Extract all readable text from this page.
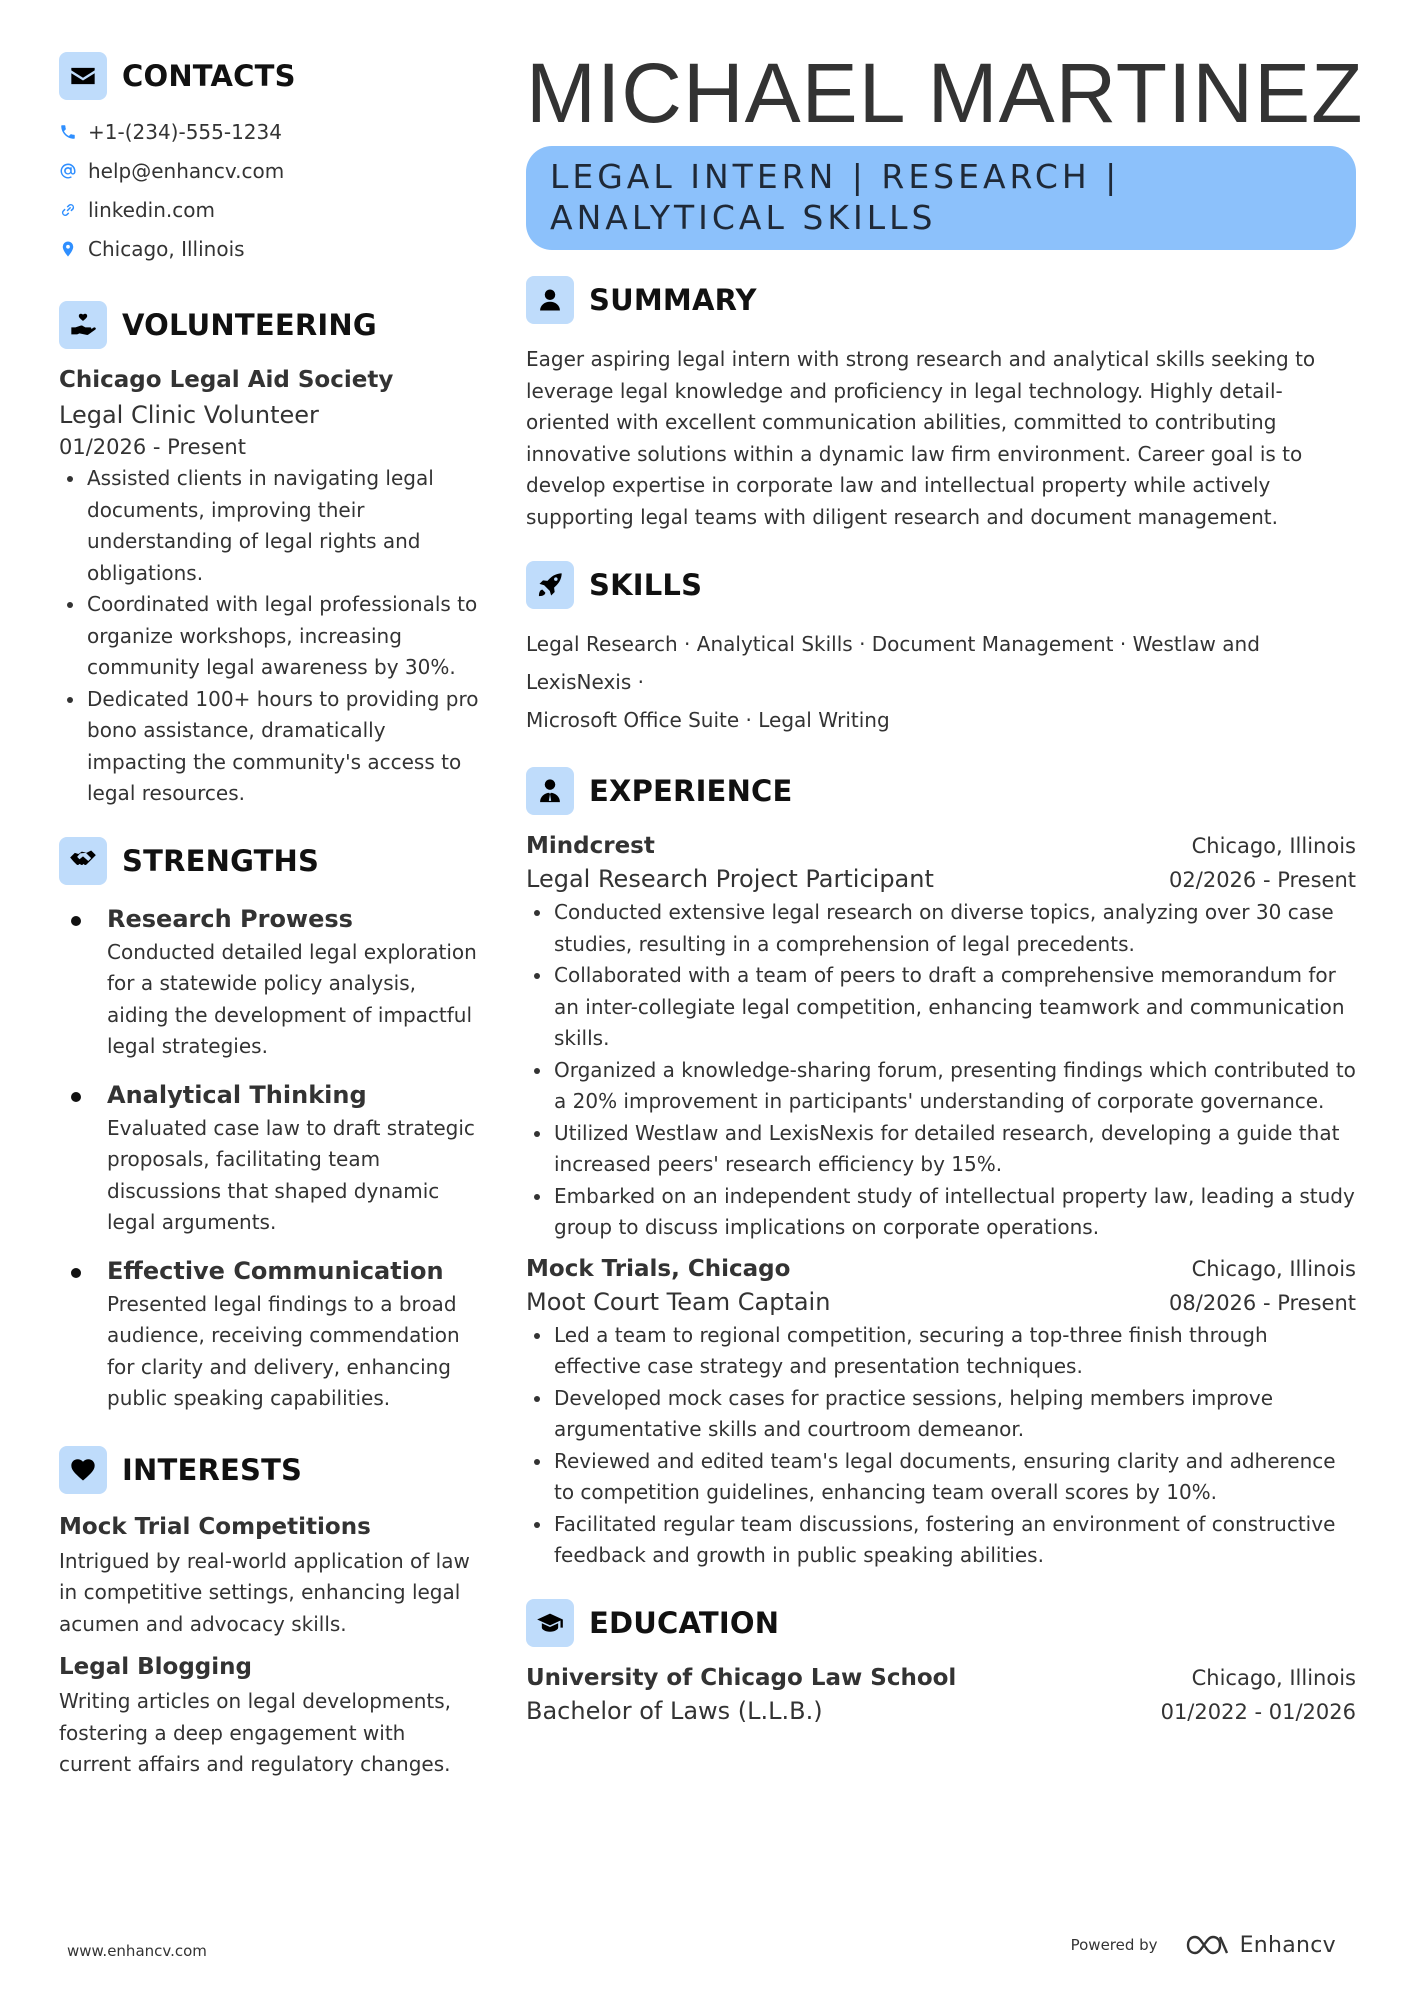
CONTACTS
+1-(234)-555-1234
help@enhancv.com
linkedin.com
Chicago, Illinois
VOLUNTEERING
Chicago Legal Aid Society
Legal Clinic Volunteer
01/2026 - Present
Assisted clients in navigating legal documents, improving their understanding of legal rights and obligations.
Coordinated with legal professionals to organize workshops, increasing community legal awareness by 30%.
Dedicated 100+ hours to providing pro bono assistance, dramatically impacting the community's access to legal resources.
STRENGTHS
Research Prowess
Conducted detailed legal exploration for a statewide policy analysis, aiding the development of impactful legal strategies.
Analytical Thinking
Evaluated case law to draft strategic proposals, facilitating team discussions that shaped dynamic legal arguments.
Effective Communication
Presented legal findings to a broad audience, receiving commendation for clarity and delivery, enhancing public speaking capabilities.
INTERESTS
Mock Trial Competitions
Intrigued by real-world application of law in competitive settings, enhancing legal acumen and advocacy skills.
Legal Blogging
Writing articles on legal developments, fostering a deep engagement with current affairs and regulatory changes.
MICHAEL MARTINEZ
LEGAL INTERN | RESEARCH |
ANALYTICAL SKILLS
SUMMARY
Eager aspiring legal intern with strong research and analytical skills seeking to leverage legal knowledge and proficiency in legal technology. Highly detail-oriented with excellent communication abilities, committed to contributing innovative solutions within a dynamic law firm environment. Career goal is to develop expertise in corporate law and intellectual property while actively supporting legal teams with diligent research and document management.
SKILLS
Legal Research · Analytical Skills · Document Management · Westlaw and LexisNexis ·
Microsoft Office Suite · Legal Writing
EXPERIENCE
Mindcrest	Chicago, Illinois
Legal Research Project Participant	02/2026 - Present
Conducted extensive legal research on diverse topics, analyzing over 30 case studies, resulting in a comprehension of legal precedents.
Collaborated with a team of peers to draft a comprehensive memorandum for an inter-collegiate legal competition, enhancing teamwork and communication skills.
Organized a knowledge-sharing forum, presenting findings which contributed to a 20% improvement in participants' understanding of corporate governance.
Utilized Westlaw and LexisNexis for detailed research, developing a guide that increased peers' research efficiency by 15%.
Embarked on an independent study of intellectual property law, leading a study group to discuss implications on corporate operations.
Mock Trials, Chicago	Chicago, Illinois
Moot Court Team Captain	08/2026 - Present
Led a team to regional competition, securing a top-three finish through effective case strategy and presentation techniques.
Developed mock cases for practice sessions, helping members improve argumentative skills and courtroom demeanor.
Reviewed and edited team's legal documents, ensuring clarity and adherence to competition guidelines, enhancing team overall scores by 10%.
Facilitated regular team discussions, fostering an environment of constructive feedback and growth in public speaking abilities.
EDUCATION
University of Chicago Law School	Chicago, Illinois
Bachelor of Laws (L.L.B.)	01/2022 - 01/2026
www.enhancv.com	Powered by	Enhancv
